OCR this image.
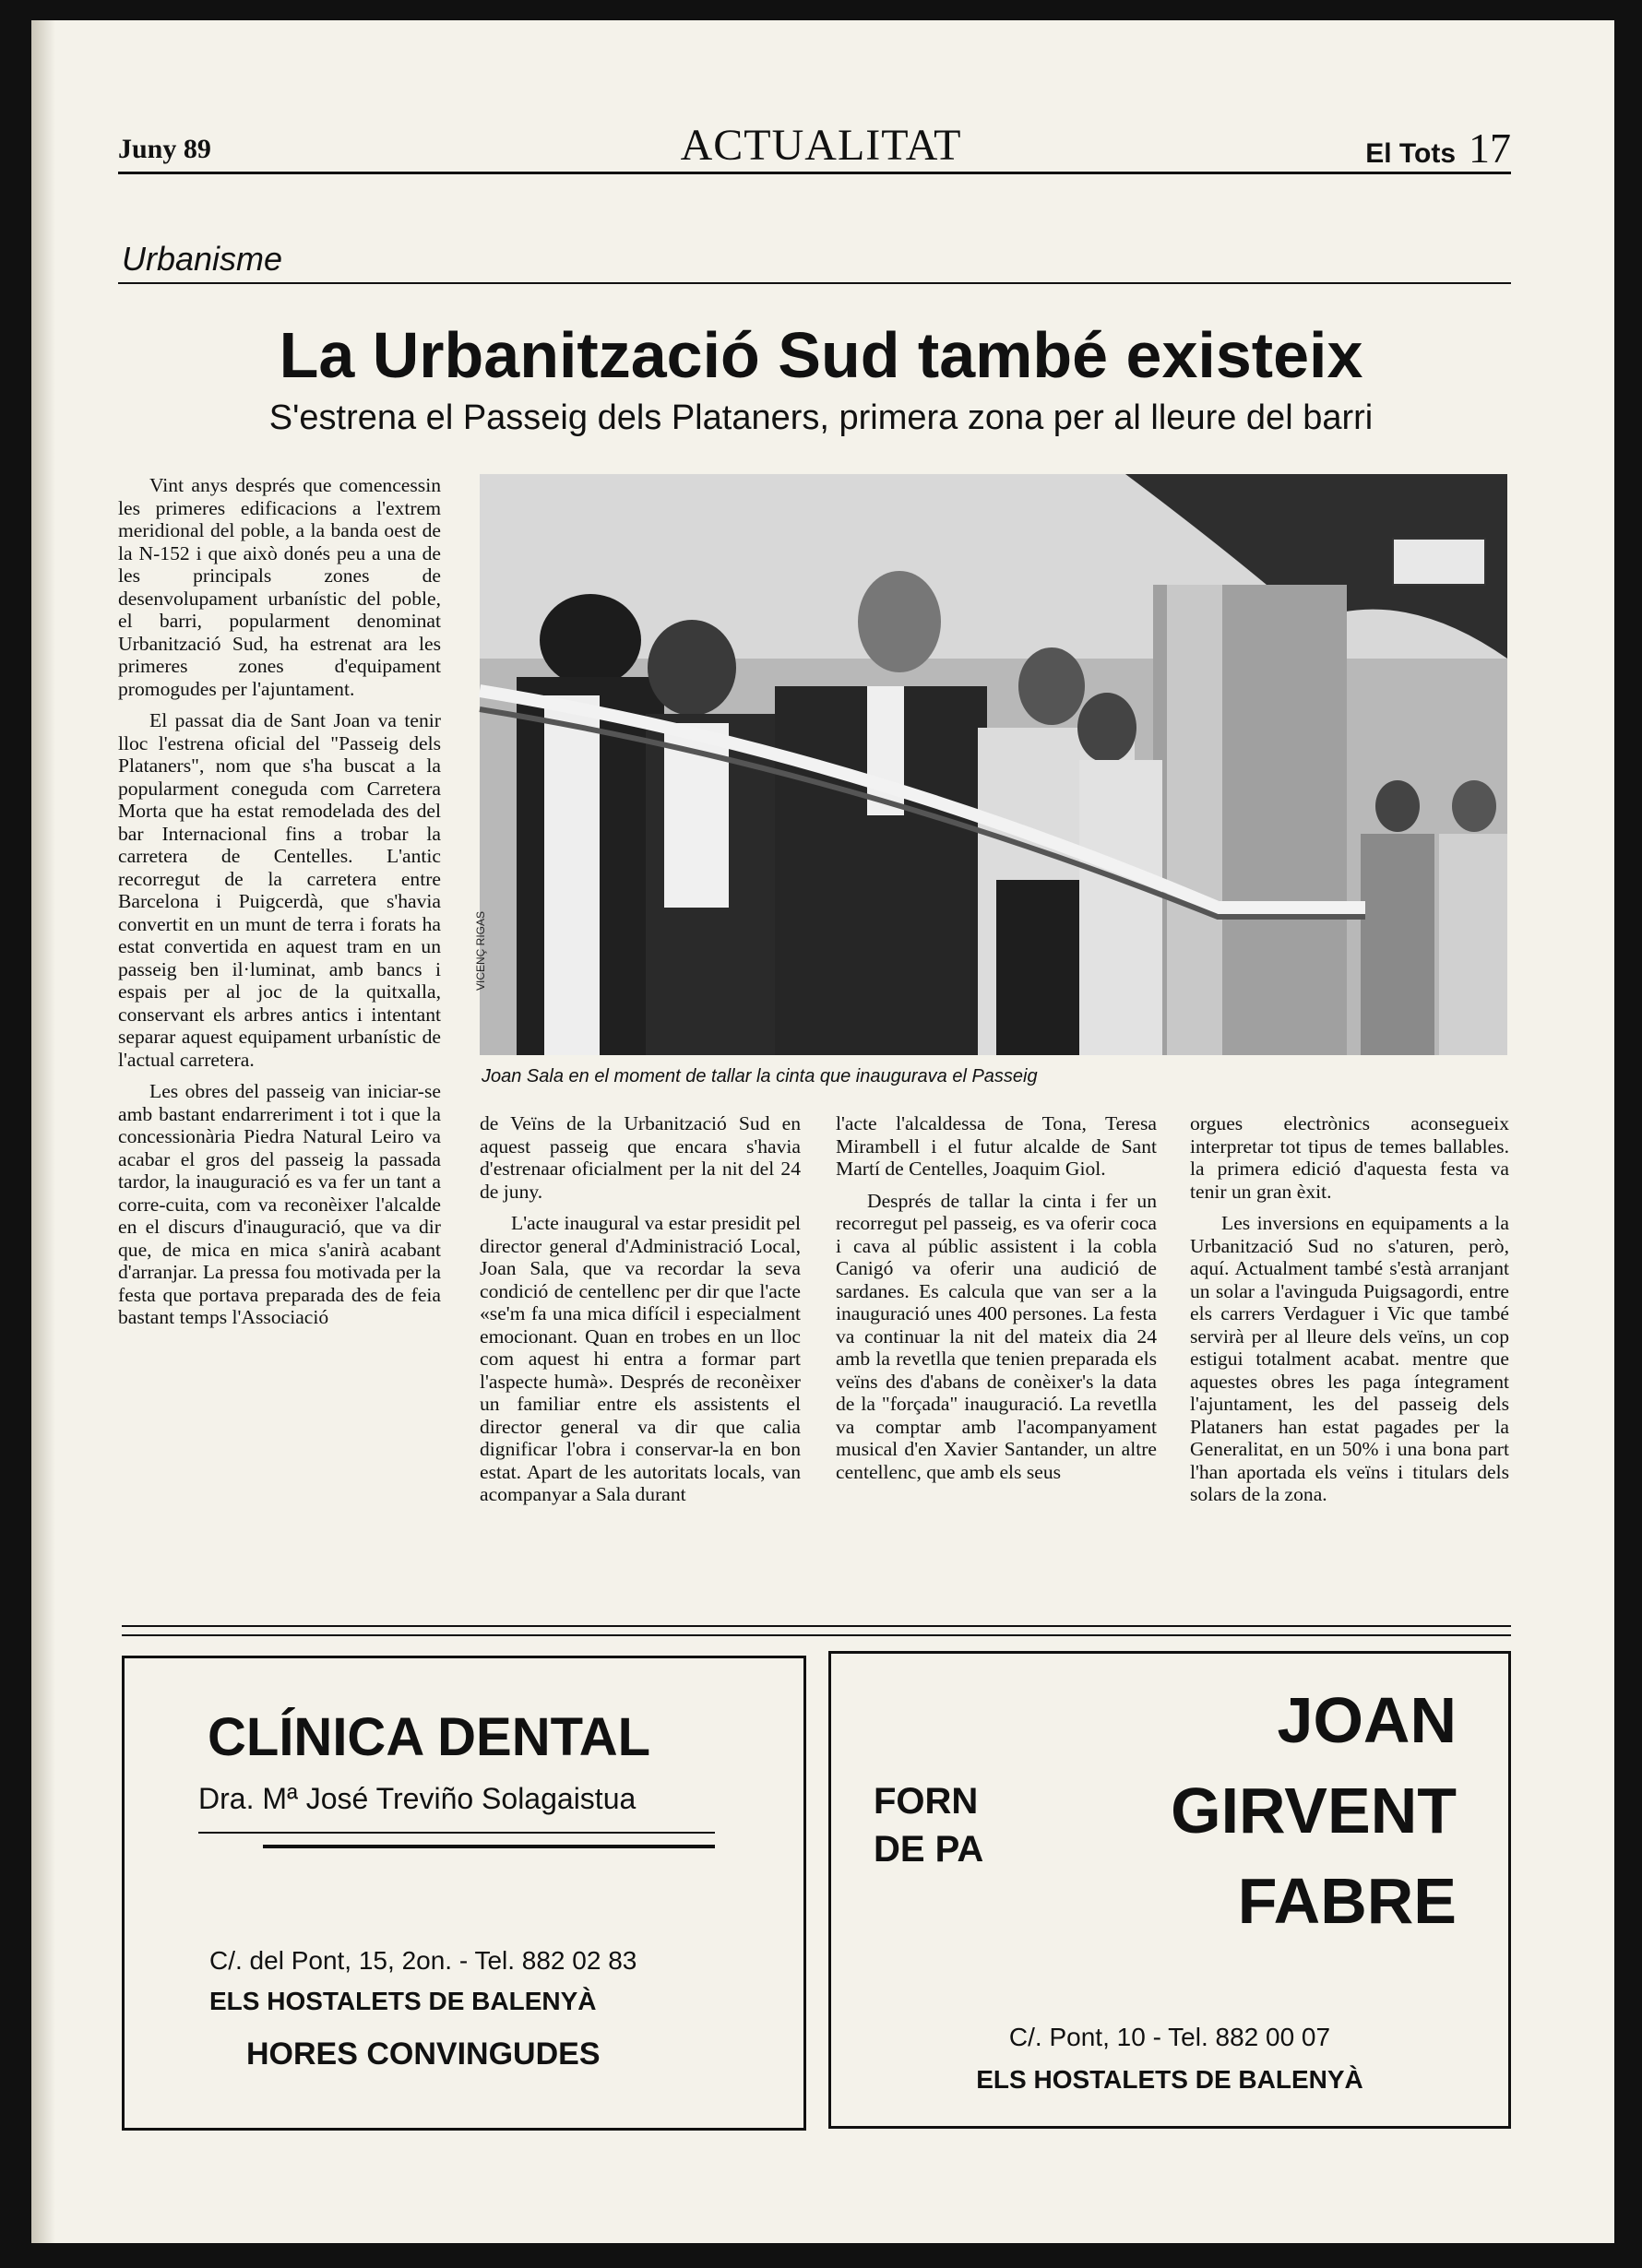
Juny 89	ACTUALITAT	El Tots 17
Urbanisme
La Urbanització Sud també existeix
S'estrena el Passeig dels Plataners, primera zona per al lleure del barri

Vint anys després que comencessin les primeres edificacions a l'extrem meridional del poble, a la banda oest de la N-152 i que això donés peu a una de les principals zones de desenvolupament urbanístic del poble, el barri, popularment denominat Urbanització Sud, ha estrenat ara les primeres zones d'equipament promogudes per l'ajuntament.

El passat dia de Sant Joan va tenir lloc l'estrena oficial del "Passeig dels Plataners", nom que s'ha buscat a la popularment coneguda com Carretera Morta que ha estat remodelada des del bar Internacional fins a trobar la carretera de Centelles. L'antic recorregut de la carretera entre Barcelona i Puigcerdà, que s'havia convertit en un munt de terra i forats ha estat convertida en aquest tram en un passeig ben il·luminat, amb bancs i espais per al joc de la quitxalla, conservant els arbres antics i intentant separar aquest equipament urbanístic de l'actual carretera.

Les obres del passeig van iniciar-se amb bastant endarreriment i tot i que la concessionària Piedra Natural Leiro va acabar el gros del passeig la passada tardor, la inauguració es va fer un tant a corre-cuita, com va reconèixer l'alcalde en el discurs d'inauguració, que va dir que, de mica en mica s'anirà acabant d'arranjar. La pressa fou motivada per la festa que portava preparada des de feia bastant temps l'Associació

VICENÇ RIGAS
Joan Sala en el moment de tallar la cinta que inaugurava el Passeig

de Veïns de la Urbanització Sud en aquest passeig que encara s'havia d'estrenaar oficialment per la nit del 24 de juny.

L'acte inaugural va estar presidit pel director general d'Administració Local, Joan Sala, que va recordar la seva condició de centellenc per dir que l'acte «se'm fa una mica difícil i especialment emocionant. Quan en trobes en un lloc com aquest hi entra a formar part l'aspecte humà». Després de reconèixer un familiar entre els assistents el director general va dir que calia dignificar l'obra i conservar-la en bon estat. Apart de les autoritats locals, van acompanyar a Sala durant

l'acte l'alcaldessa de Tona, Teresa Mirambell i el futur alcalde de Sant Martí de Centelles, Joaquim Giol.

Després de tallar la cinta i fer un recorregut pel passeig, es va oferir coca i cava al públic assistent i la cobla Canigó va oferir una audició de sardanes. Es calcula que van ser a la inauguració unes 400 persones. La festa va continuar la nit del mateix dia 24 amb la revetlla que tenien preparada els veïns des d'abans de conèixer's la data de la "forçada" inauguració. La revetlla va comptar amb l'acompanyament musical d'en Xavier Santander, un altre centellenc, que amb els seus

orgues electrònics aconsegueix interpretar tot tipus de temes ballables. la primera edició d'aquesta festa va tenir un gran èxit.

Les inversions en equipaments a la Urbanització Sud no s'aturen, però, aquí. Actualment també s'està arranjant un solar a l'avinguda Puigsagordi, entre els carrers Verdaguer i Vic que també servirà per al lleure dels veïns, un cop estigui totalment acabat. mentre que aquestes obres les paga íntegrament l'ajuntament, les del passeig dels Plataners han estat pagades per la Generalitat, en un 50% i una bona part l'han aportada els veïns i titulars dels solars de la zona.

CLÍNICA DENTAL
Dra. Mª José Treviño Solagaistua
C/. del Pont, 15, 2on. - Tel. 882 02 83
ELS HOSTALETS DE BALENYÀ
HORES CONVINGUDES
FORN
DE PA
JOAN
GIRVENT
FABRE
C/. Pont, 10 - Tel. 882 00 07
ELS HOSTALETS DE BALENYÀ
